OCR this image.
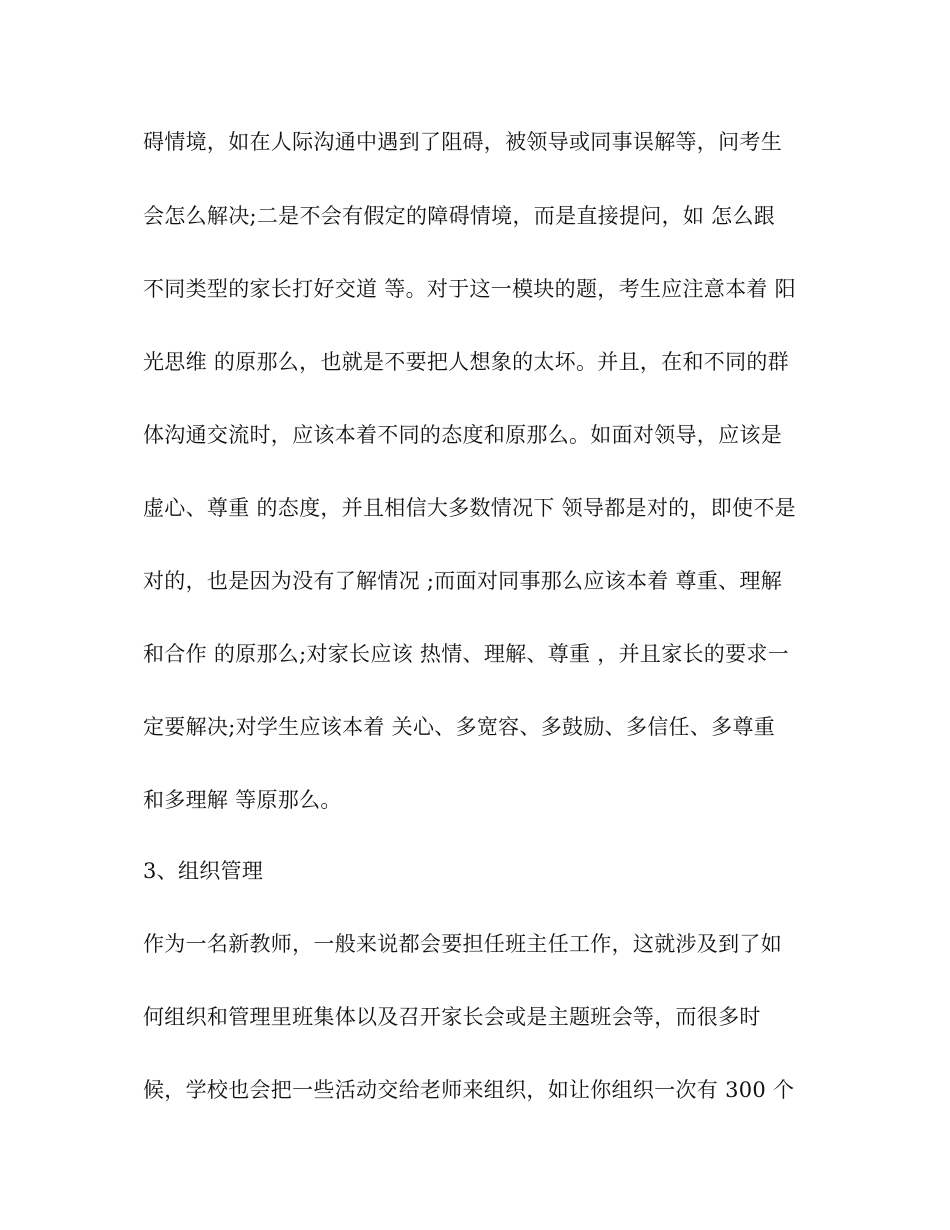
碍情境，如在人际沟通中遇到了阻碍，被领导或同事误解等，问考生
会怎么解决;二是不会有假定的障碍情境，而是直接提问，如 怎么跟
不同类型的家长打好交道 等。对于这一模块的题，考生应注意本着 阳
光思维 的原那么，也就是不要把人想象的太坏。并且，在和不同的群
体沟通交流时，应该本着不同的态度和原那么。如面对领导，应该是
虚心、尊重 的态度，并且相信大多数情况下 领导都是对的，即使不是
对的，也是因为没有了解情况 ;而面对同事那么应该本着 尊重、理解
和合作 的原那么;对家长应该 热情、理解、尊重 ，并且家长的要求一
定要解决;对学生应该本着 关心、多宽容、多鼓励、多信任、多尊重
和多理解 等原那么。
3、组织管理
作为一名新教师，一般来说都会要担任班主任工作，这就涉及到了如
何组织和管理里班集体以及召开家长会或是主题班会等，而很多时
候，学校也会把一些活动交给老师来组织，如让你组织一次有 300 个
